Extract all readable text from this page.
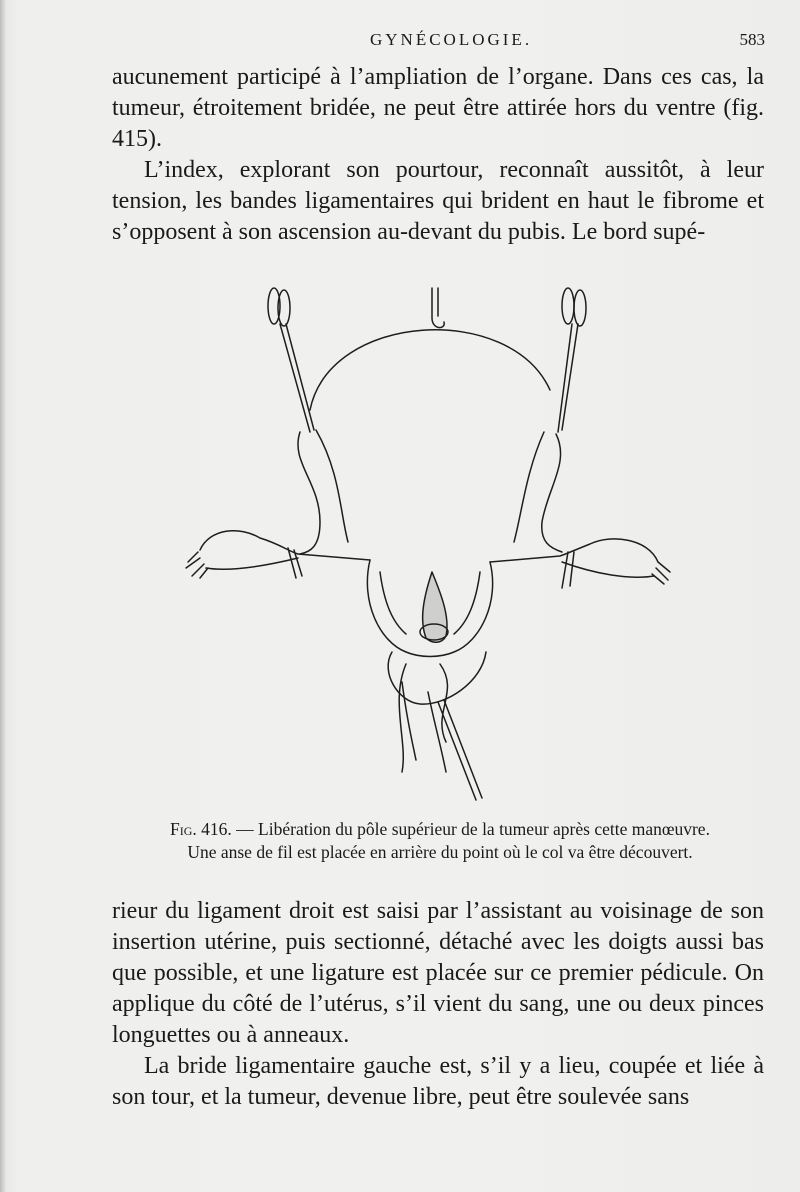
GYNÉCOLOGIE.	583

aucunement participé à l’ampliation de l’organe. Dans ces cas, la tumeur, étroitement bridée, ne peut être attirée hors du ventre (fig. 415).

L’index, explorant son pourtour, reconnaît aussitôt, à leur tension, les bandes ligamentaires qui brident en haut le fibrome et s’opposent à son ascension au-devant du pubis. Le bord supé-

Fig. 416. — Libération du pôle supérieur de la tumeur après cette manœuvre.

Une anse de fil est placée en arrière du point où le col va être découvert.

rieur du ligament droit est saisi par l’assistant au voisinage de son insertion utérine, puis sectionné, détaché avec les doigts aussi bas que possible, et une ligature est placée sur ce premier pédicule. On applique du côté de l’utérus, s’il vient du sang, une ou deux pinces longuettes ou à anneaux.

La bride ligamentaire gauche est, s’il y a lieu, coupée et liée à son tour, et la tumeur, devenue libre, peut être soulevée sans
